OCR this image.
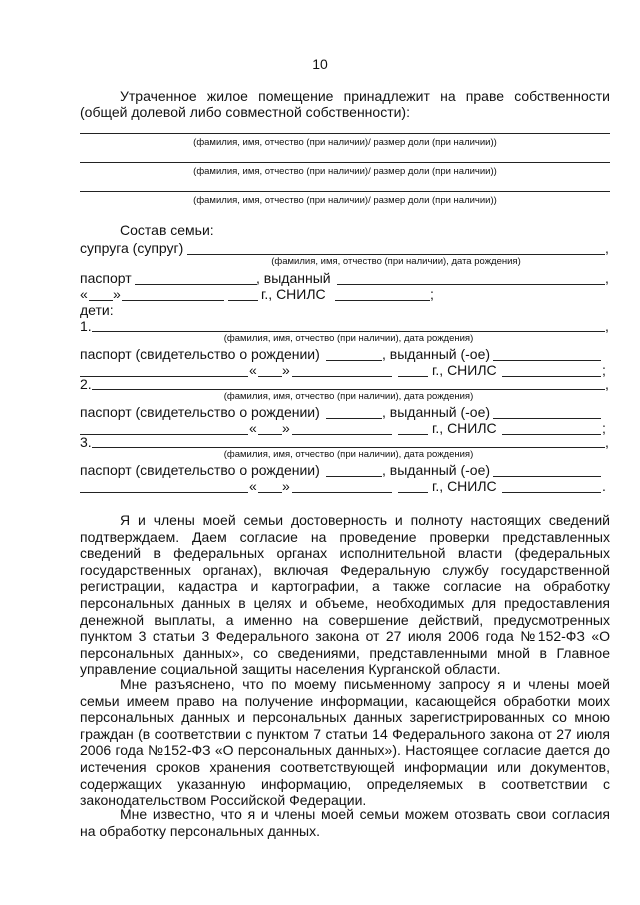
10
Утраченное жилое помещение принадлежит на праве собственности
(общей долевой либо совместной собственности):
(фамилия, имя, отчество (при наличии)/ размер доли (при наличии))
(фамилия, имя, отчество (при наличии)/ размер доли (при наличии))
(фамилия, имя, отчество (при наличии)/ размер доли (при наличии))
Состав семьи:
супруга (супруг)	,
(фамилия, имя, отчество (при наличии), дата рождения)
паспорт	, выданный	,
« »	г., СНИЛС	;
дети:
1.	,
(фамилия, имя, отчество (при наличии), дата рождения)
паспорт (свидетельство о рождении)	, выданный (-ое)
« »	г., СНИЛС	;
2.	,
(фамилия, имя, отчество (при наличии), дата рождения)
паспорт (свидетельство о рождении)	, выданный (-ое)
« »	г., СНИЛС	;
3.	,
(фамилия, имя, отчество (при наличии), дата рождения)
паспорт (свидетельство о рождении)	, выданный (-ое)
« »	г., СНИЛС	.
Я и члены моей семьи достоверность и полноту настоящих сведений подтверждаем. Даем согласие на проведение проверки представленных сведений в федеральных органах исполнительной власти (федеральных государственных органах), включая Федеральную службу государственной регистрации, кадастра и картографии, а также согласие на обработку персональных данных в целях и объеме, необходимых для предоставления денежной выплаты, а именно на совершение действий, предусмотренных пунктом 3 статьи 3 Федерального закона от 27 июля 2006 года №152-ФЗ «О персональных данных», со сведениями, представленными мной в Главное управление социальной защиты населения Курганской области.
Мне разъяснено, что по моему письменному запросу я и члены моей семьи имеем право на получение информации, касающейся обработки моих персональных данных и персональных данных зарегистрированных со мною граждан (в соответствии с пунктом 7 статьи 14 Федерального закона от 27 июля 2006 года №152-ФЗ «О персональных данных»). Настоящее согласие дается до истечения сроков хранения соответствующей информации или документов, содержащих указанную информацию, определяемых в соответствии с законодательством Российской Федерации.
Мне известно, что я и члены моей семьи можем отозвать свои согласия на обработку персональных данных.
